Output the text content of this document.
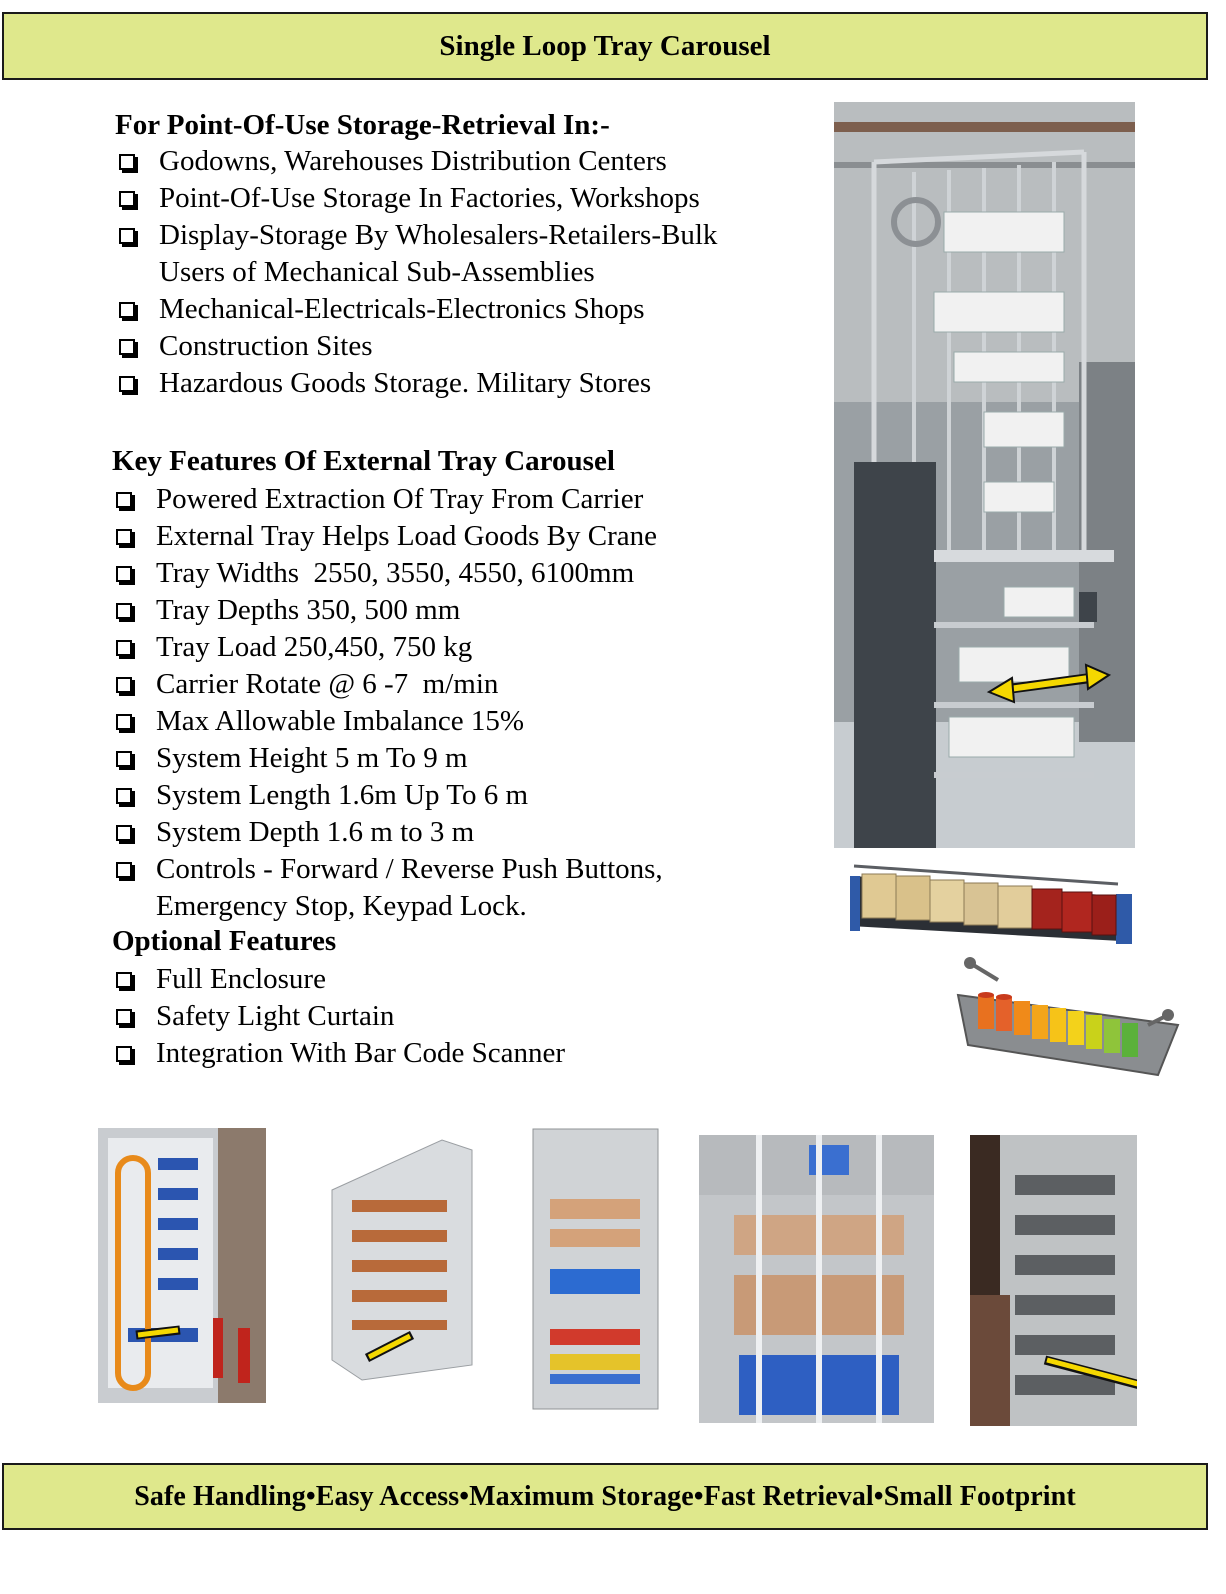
Single Loop Tray Carousel
For Point-Of-Use Storage-Retrieval In:-
Godowns, Warehouses Distribution Centers
Point-Of-Use Storage In Factories, Workshops
Display-Storage By Wholesalers-Retailers-Bulk
Users of Mechanical Sub-Assemblies
Mechanical-Electricals-Electronics Shops
Construction Sites
Hazardous Goods Storage. Military Stores
Key Features Of External Tray Carousel
Powered Extraction Of Tray From Carrier
External Tray Helps Load Goods By Crane
Tray Widths  2550, 3550, 4550, 6100mm
Tray Depths 350, 500 mm
Tray Load 250,450, 750 kg
Carrier Rotate @ 6 -7  m/min
Max Allowable Imbalance 15%
System Height 5 m To 9 m
System Length 1.6m Up To 6 m
System Depth 1.6 m to 3 m
Controls - Forward / Reverse Push Buttons,
Emergency Stop, Keypad Lock.
Optional Features
Full Enclosure
Safety Light Curtain
Integration With Bar Code Scanner
Safe Handling•Easy Access•Maximum Storage•Fast Retrieval•Small Footprint
